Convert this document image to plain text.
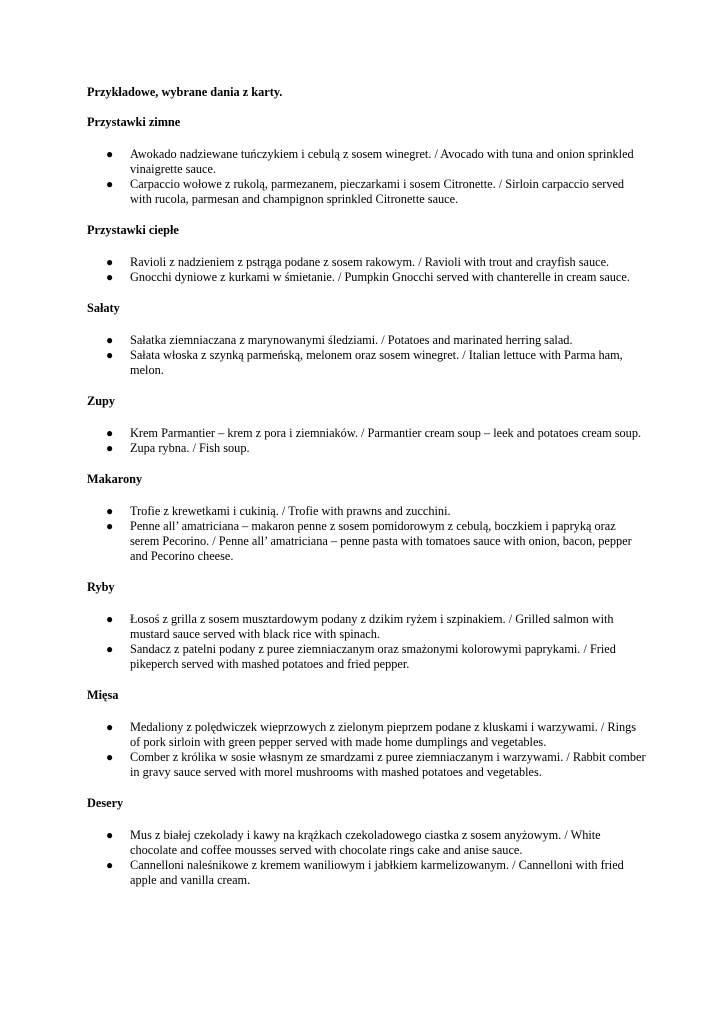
Przykładowe, wybrane dania z karty.

Przystawki zimne

● Awokado nadziewane tuńczykiem i cebulą z sosem winegret. / Avocado with tuna and onion sprinkled vinaigrette sauce.
● Carpaccio wołowe z rukolą, parmezanem, pieczarkami i sosem Citronette. / Sirloin carpaccio served with rucola, parmesan and champignon sprinkled Citronette sauce.

Przystawki ciepłe

● Ravioli z nadzieniem z pstrąga podane z sosem rakowym. / Ravioli with trout and crayfish sauce.
● Gnocchi dyniowe z kurkami w śmietanie. / Pumpkin Gnocchi served with chanterelle in cream sauce.

Sałaty

● Sałatka ziemniaczana z marynowanymi śledziami. / Potatoes and marinated herring salad.
● Sałata włoska z szynką parmeńską, melonem oraz sosem winegret. / Italian lettuce with Parma ham, melon.

Zupy

● Krem Parmantier – krem z pora i ziemniaków. / Parmantier cream soup – leek and potatoes cream soup.
● Zupa rybna. / Fish soup.

Makarony

● Trofie z krewetkami i cukinią. / Trofie with prawns and zucchini.
● Penne all’ amatriciana – makaron penne z sosem pomidorowym z cebulą, boczkiem i papryką oraz serem Pecorino. / Penne all’ amatriciana – penne pasta with tomatoes sauce with onion, bacon, pepper and Pecorino cheese.

Ryby

● Łosoś z grilla z sosem musztardowym podany z dzikim ryżem i szpinakiem. / Grilled salmon with mustard sauce served with black rice with spinach.
● Sandacz z patelni podany z puree ziemniaczanym oraz smażonymi kolorowymi paprykami. / Fried pikeperch served with mashed potatoes and fried pepper.

Mięsa

● Medaliony z polędwiczek wieprzowych z zielonym pieprzem podane z kluskami i warzywami. / Rings of pork sirloin with green pepper served with made home dumplings and vegetables.
● Comber z królika w sosie własnym ze smardzami z puree ziemniaczanym i warzywami. / Rabbit comber in gravy sauce served with morel mushrooms with mashed potatoes and vegetables.

Desery

● Mus z białej czekolady i kawy na krążkach czekoladowego ciastka z sosem anyżowym. / White chocolate and coffee mousses served with chocolate rings cake and anise sauce.
● Cannelloni naleśnikowe z kremem waniliowym i jabłkiem karmelizowanym. / Cannelloni with fried apple and vanilla cream.
